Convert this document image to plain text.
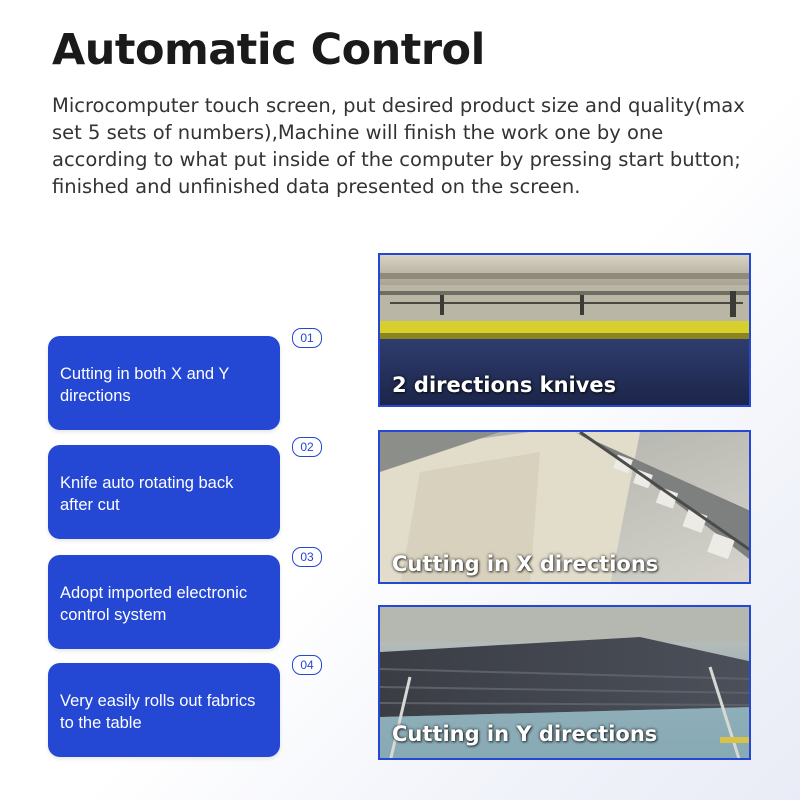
Automatic Control

Microcomputer touch screen, put desired product size and quality(max set 5 sets of numbers),Machine will finish the work one by one according to what put inside of the computer by pressing start button; finished and unfinished data presented on the screen.

01
Cutting in both X and Y
directions
02
Knife auto rotating back
after cut
03
Adopt imported electronic
control system
04
Very easily rolls out fabrics
to the table
2 directions knives
Cutting in X directions
Cutting in Y directions
